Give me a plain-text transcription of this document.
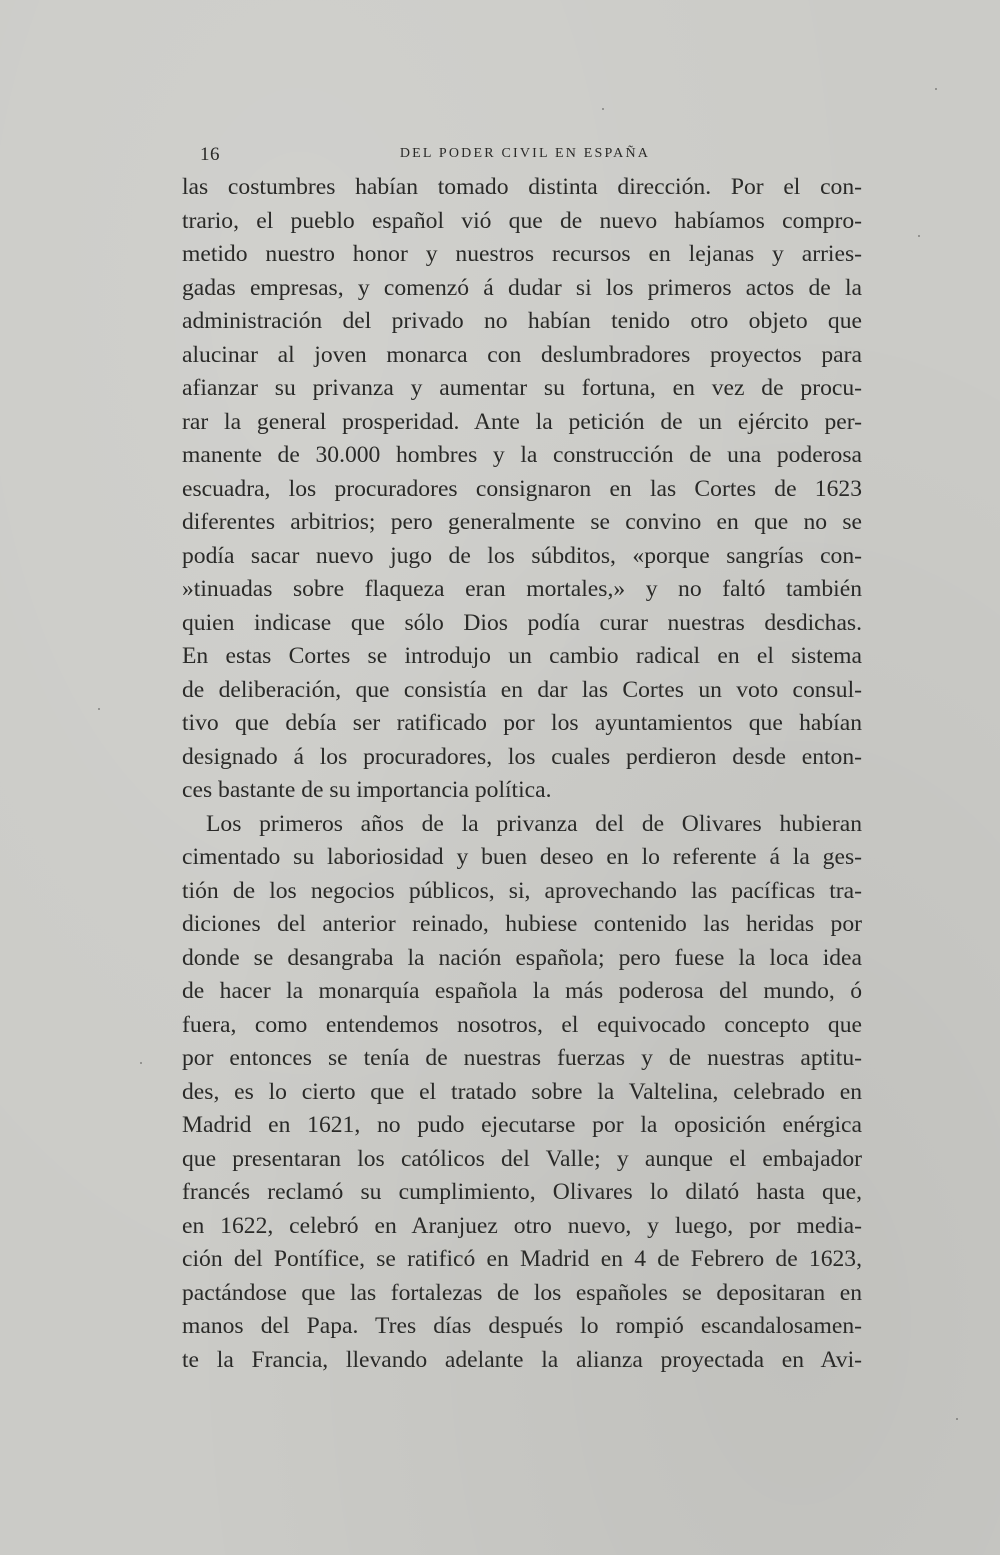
16	DEL PODER CIVIL EN ESPAÑA
las costumbres habían tomado distinta dirección. Por el con-
trario, el pueblo español vió que de nuevo habíamos compro-
metido nuestro honor y nuestros recursos en lejanas y arries-
gadas empresas, y comenzó á dudar si los primeros actos de la
administración del privado no habían tenido otro objeto que
alucinar al joven monarca con deslumbradores proyectos para
afianzar su privanza y aumentar su fortuna, en vez de procu-
rar la general prosperidad. Ante la petición de un ejército per-
manente de 30.000 hombres y la construcción de una poderosa
escuadra, los procuradores consignaron en las Cortes de 1623
diferentes arbitrios; pero generalmente se convino en que no se
podía sacar nuevo jugo de los súbditos, «porque sangrías con-
»tinuadas sobre flaqueza eran mortales,» y no faltó también
quien indicase que sólo Dios podía curar nuestras desdichas.
En estas Cortes se introdujo un cambio radical en el sistema
de deliberación, que consistía en dar las Cortes un voto consul-
tivo que debía ser ratificado por los ayuntamientos que habían
designado á los procuradores, los cuales perdieron desde enton-
ces bastante de su importancia política.
Los primeros años de la privanza del de Olivares hubieran
cimentado su laboriosidad y buen deseo en lo referente á la ges-
tión de los negocios públicos, si, aprovechando las pacíficas tra-
diciones del anterior reinado, hubiese contenido las heridas por
donde se desangraba la nación española; pero fuese la loca idea
de hacer la monarquía española la más poderosa del mundo, ó
fuera, como entendemos nosotros, el equivocado concepto que
por entonces se tenía de nuestras fuerzas y de nuestras aptitu-
des, es lo cierto que el tratado sobre la Valtelina, celebrado en
Madrid en 1621, no pudo ejecutarse por la oposición enérgica
que presentaran los católicos del Valle; y aunque el embajador
francés reclamó su cumplimiento, Olivares lo dilató hasta que,
en 1622, celebró en Aranjuez otro nuevo, y luego, por media-
ción del Pontífice, se ratificó en Madrid en 4 de Febrero de 1623,
pactándose que las fortalezas de los españoles se depositaran en
manos del Papa. Tres días después lo rompió escandalosamen-
te la Francia, llevando adelante la alianza proyectada en Avi-
